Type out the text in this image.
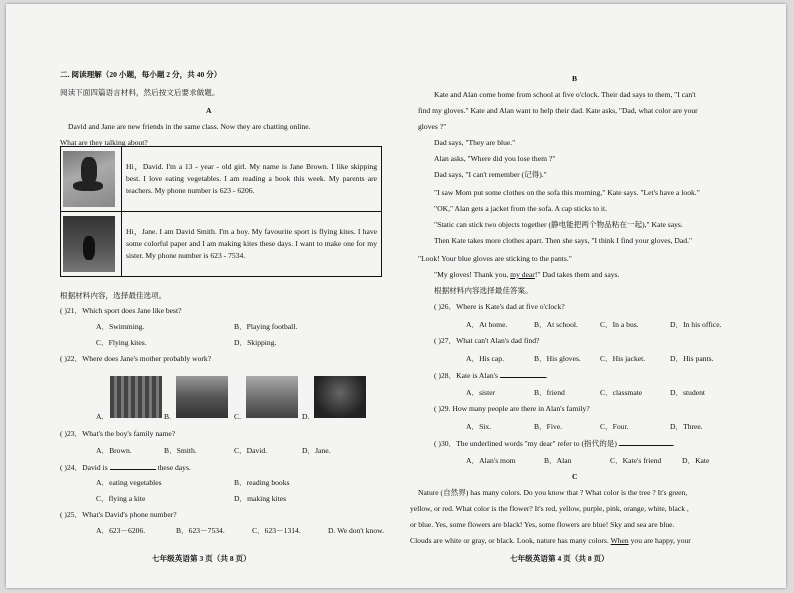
二. 阅读理解（20 小题，每小题 2 分，共 40 分）
阅读下面四篇语言材料，然后按文后要求做题。
A
David and Jane are new friends in the same class. Now they are chatting online.
What are they talking about?
	Hi，David. I'm a 13 - year - old girl. My name is Jane Brown. I like skipping best. I love eating vegetables. I am reading a book this week. My parents are teachers. My phone number is 623 - 6206.

	Hi，Jane. I am David Smith. I'm a boy. My favourite sport is flying kites. I have some colorful paper and I am making kites these days. I want to make one for my sister. My phone number is 623 - 7534.
根据材料内容，选择最佳选项。
( )21．Which sport does Jane like best?
A．Swimming.	B．Playing football.
C．Flying kites.	D．Skipping.
( )22．Where does Jane's mother probably work?
A.	B.	C.	D.
( )23．What's the boy's family name?
A．Brown.	B．Smith.	C．David.	D．Jane.
( )24．David is	these days.
A．eating vegetables	B．reading books
C．flying a kite	D．making kites
( )25．What's David's phone number?
A．623－6206.	B．623－7534.	C．623－1314.	D. We don't know.
七年级英语第 3 页（共 8 页）
B
Kate and Alan come home from school at five o'clock. Their dad says to them, "I can't
find my gloves." Kate and Alan want to help their dad. Kate asks, "Dad, what color are your
gloves ?"
Dad says, "They are blue."
Alan asks, "Where did you lose them ?"
Dad says, "I can't remember (记得)."
"I saw Mom put some clothes on the sofa this morning," Kate says. "Let's have a look."
"OK," Alan gets a jacket from the sofa. A cap sticks to it.
"Static can stick two objects together (静电能把两个物品粘在一起)," Kate says.
Then Kate takes more clothes apart. Then she says, "I think I find your gloves, Dad."
"Look! Your blue gloves are sticking to the pants."
"My gloves! Thank you, my dear!" Dad takes them and says.
根据材料内容选择最佳答案。
( )26．Where is Kate's dad at five o'clock?
A．At home.	B．At school.	C．In a bus.	D．In his office.
( )27．What can't Alan's dad find?
A．His cap.	B．His gloves.	C．His jacket.	D．His pants.
( )28．Kate is Alan's	.
A．sister	B．friend	C．classmate	D．student
( )29. How many people are there in Alan's family?
A．Six.	B．Five.	C．Four.	D．Three.
( )30．The underlined words "my dear" refer to (指代的是)	.
A．Alan's mom	B．Alan	C．Kate's friend	D．Kate
C
Nature (自然界) has many colors. Do you know that ? What color is the tree ? It's green,
yellow, or red. What color is the flower? It's red, yellow, purple, pink, orange, white, black ,
or blue. Yes, some flowers are black! Yes, some flowers are blue! Sky and sea are blue.
Clouds are white or gray, or black. Look, nature has many colors. When you are happy, your
七年级英语第 4 页（共 8 页）
